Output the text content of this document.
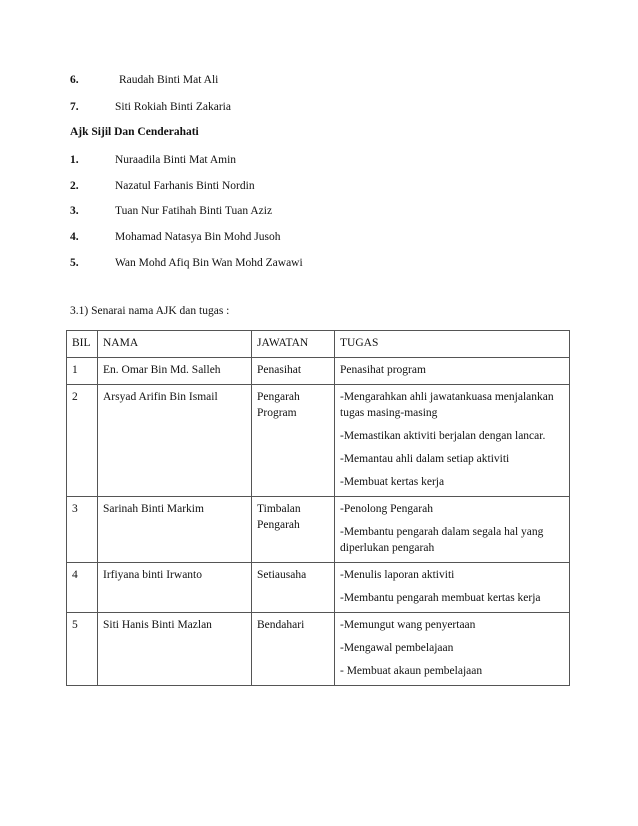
6.	Raudah Binti Mat Ali
7.	Siti Rokiah Binti Zakaria
Ajk Sijil Dan Cenderahati
1.	Nuraadila Binti Mat Amin
2.	Nazatul Farhanis Binti Nordin
3.	Tuan Nur Fatihah Binti Tuan Aziz
4.	Mohamad Natasya Bin Mohd Jusoh
5.	Wan Mohd Afiq Bin Wan Mohd Zawawi
3.1) Senarai nama AJK dan tugas :
BIL	NAMA	JAWATAN	TUGAS
1	En. Omar Bin Md. Salleh	Penasihat	Penasihat program

2	Arsyad Arifin Bin Ismail	Pengarah Program	-Mengarahkan ahli jawatankuasa menjalankan tugas masing-masing
-Memastikan aktiviti berjalan dengan lancar.
-Memantau ahli dalam setiap aktiviti
-Membuat kertas kerja

3	Sarinah Binti Markim	Timbalan Pengarah	-Penolong Pengarah
-Membantu pengarah dalam segala hal yang diperlukan pengarah

4	Irfiyana binti Irwanto	Setiausaha	-Menulis laporan aktiviti
-Membantu pengarah membuat kertas kerja

5	Siti Hanis Binti Mazlan	Bendahari	-Memungut wang penyertaan
-Mengawal pembelajaan
- Membuat akaun pembelajaan
